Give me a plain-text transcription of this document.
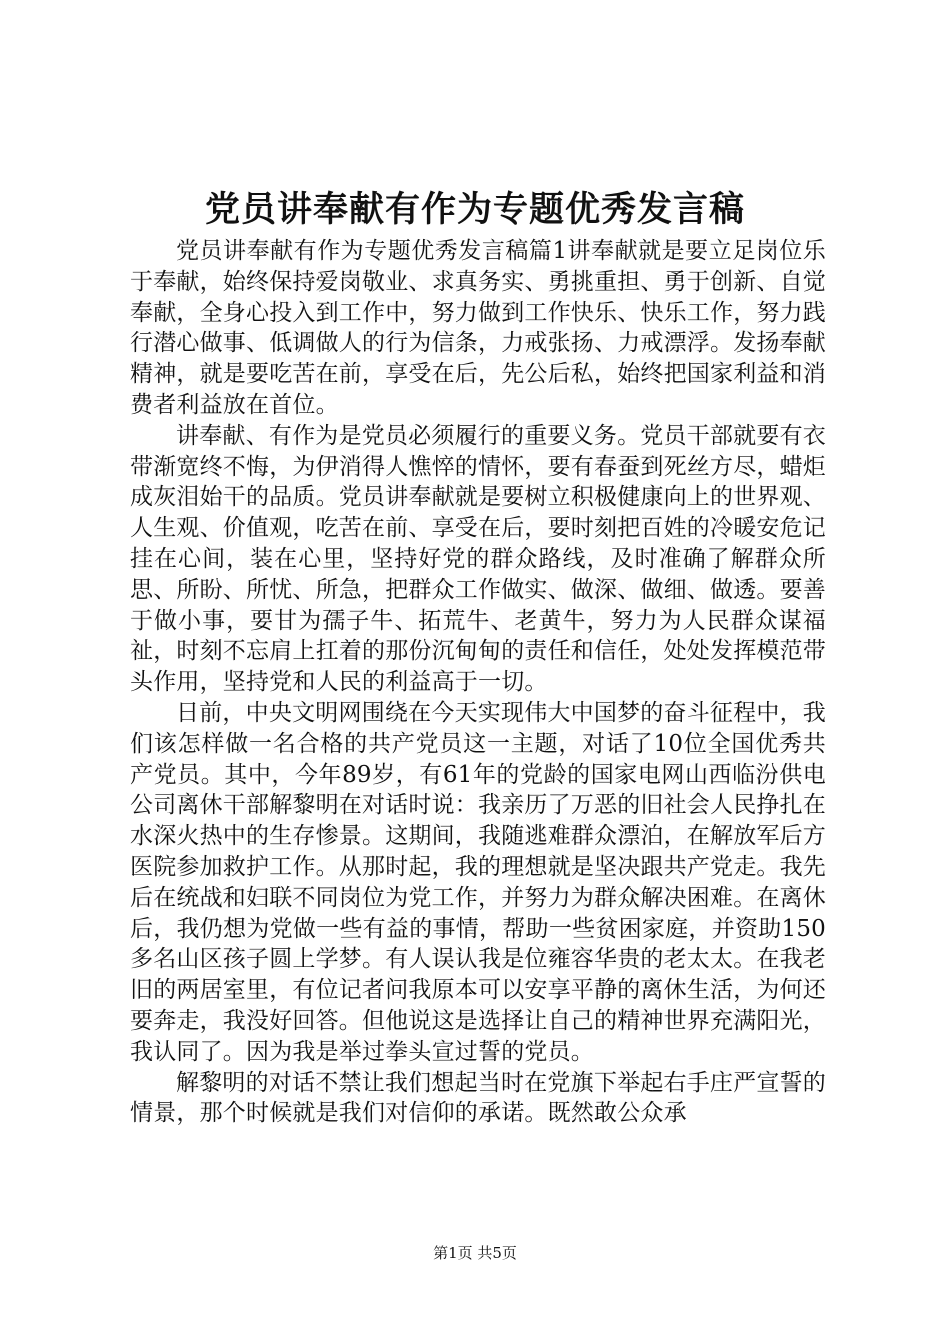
党员讲奉献有作为专题优秀发言稿

党员讲奉献有作为专题优秀发言稿篇1讲奉献就是要立足岗位乐于奉献，始终保持爱岗敬业、求真务实、勇挑重担、勇于创新、自觉奉献，全身心投入到工作中，努力做到工作快乐、快乐工作，努力践行潜心做事、低调做人的行为信条，力戒张扬、力戒漂浮。发扬奉献精神，就是要吃苦在前，享受在后，先公后私，始终把国家利益和消费者利益放在首位。

讲奉献、有作为是党员必须履行的重要义务。党员干部就要有衣带渐宽终不悔，为伊消得人憔悴的情怀，要有春蚕到死丝方尽，蜡炬成灰泪始干的品质。党员讲奉献就是要树立积极健康向上的世界观、人生观、价值观，吃苦在前、享受在后，要时刻把百姓的冷暖安危记挂在心间，装在心里，坚持好党的群众路线，及时准确了解群众所思、所盼、所忧、所急，把群众工作做实、做深、做细、做透。要善于做小事，要甘为孺子牛、拓荒牛、老黄牛，努力为人民群众谋福祉，时刻不忘肩上扛着的那份沉甸甸的责任和信任，处处发挥模范带头作用，坚持党和人民的利益高于一切。

日前，中央文明网围绕在今天实现伟大中国梦的奋斗征程中，我们该怎样做一名合格的共产党员这一主题，对话了10位全国优秀共产党员。其中，今年89岁，有61年的党龄的国家电网山西临汾供电公司离休干部解黎明在对话时说：我亲历了万恶的旧社会人民挣扎在水深火热中的生存惨景。这期间，我随逃难群众漂泊，在解放军后方医院参加救护工作。从那时起，我的理想就是坚决跟共产党走。我先后在统战和妇联不同岗位为党工作，并努力为群众解决困难。在离休后，我仍想为党做一些有益的事情，帮助一些贫困家庭，并资助150多名山区孩子圆上学梦。有人误认我是位雍容华贵的老太太。在我老旧的两居室里，有位记者问我原本可以安享平静的离休生活，为何还要奔走，我没好回答。但他说这是选择让自己的精神世界充满阳光，我认同了。因为我是举过拳头宣过誓的党员。

解黎明的对话不禁让我们想起当时在党旗下举起右手庄严宣誓的情景，那个时候就是我们对信仰的承诺。既然敢公众承

第1页 共5页
